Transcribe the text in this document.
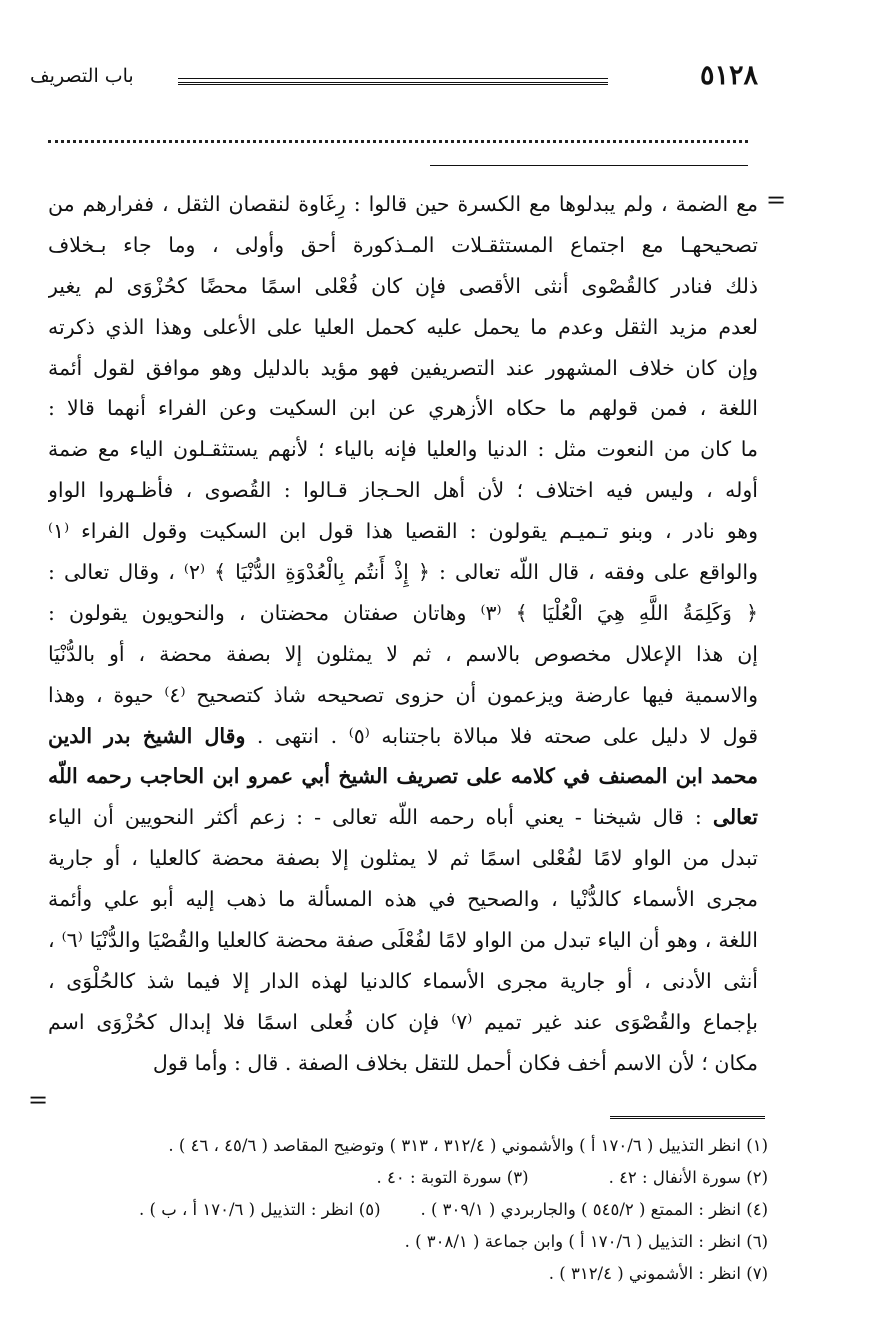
٥١٢٨
باب التصريف
=
مع الضمة ، ولم يبدلوها مع الكسرة حين قالوا : رِغَاوة لنقصان الثقل ، ففرارهم من
تصحيحهـا مع اجتماع المستثقـلات المـذكورة أحق وأولى ، وما جاء بـخلاف
ذلك فنادر كالقُصْوى أنثى الأقصى فإن كان فُعْلى اسمًا محضًا كحُزْوَى لم يغير
لعدم مزيد الثقل وعدم ما يحمل عليه كحمل العليا على الأعلى وهذا الذي ذكرته
وإن كان خلاف المشهور عند التصريفين فهو مؤيد بالدليل وهو موافق لقول أئمة
اللغة ، فمن قولهم ما حكاه الأزهري عن ابن السكيت وعن الفراء أنهما قالا :
ما كان من النعوت مثل : الدنيا والعليا فإنه بالياء ؛ لأنهم يستثقـلون الياء مع ضمة
أوله ، وليس فيه اختلاف ؛ لأن أهل الحـجاز قـالوا : القُصوى ، فأظـهروا الواو
وهو نادر ، وبنو تـميـم يقولون : القصيا هذا قول ابن السكيت وقول الفراء ⁽١⁾
والواقع على وفقه ، قال اللّه تعالى : ﴿ إِذْ أَنتُم بِالْعُدْوَةِ الدُّنْيَا ﴾ ⁽٢⁾ ، وقال تعالى :
﴿ وَكَلِمَةُ اللَّهِ هِيَ الْعُلْيَا ﴾ ⁽٣⁾ وهاتان صفتان محضتان ، والنحويون يقولون :
إن هذا الإعلال مخصوص بالاسم ، ثم لا يمثلون إلا بصفة محضة ، أو بالدُّنْيَا
والاسمية فيها عارضة ويزعمون أن حزوى تصحيحه شاذ كتصحيح ⁽٤⁾ حيوة ، وهذا
قول لا دليل على صحته فلا مبالاة باجتنابه ⁽٥⁾ . انتهى . وقال الشيخ بدر الدين
محمد ابن المصنف في كلامه على تصريف الشيخ أبي عمرو ابن الحاجب رحمه اللّه
تعالى : قال شيخنا - يعني أباه رحمه اللّه تعالى - : زعم أكثر النحويين أن الياء
تبدل من الواو لامًا لفُعْلى اسمًا ثم لا يمثلون إلا بصفة محضة كالعليا ، أو جارية
مجرى الأسماء كالدُّنْيا ، والصحيح في هذه المسألة ما ذهب إليه أبو علي وأئمة
اللغة ، وهو أن الياء تبدل من الواو لامًا لفُعْلَى صفة محضة كالعليا والقُصْيَا والدُّنْيَا ⁽٦⁾ ،
أنثى الأدنى ، أو جارية مجرى الأسماء كالدنيا لهذه الدار إلا فيما شذ كالحُلْوَى ،
بإجماع والقُصْوَى عند غير تميم ⁽٧⁾ فإن كان فُعلى اسمًا فلا إبدال كحُزْوَى اسم
مكان ؛ لأن الاسم أخف فكان أحمل للتقل بخلاف الصفة . قال : وأما قول
=
(١) انظر التذييل ( ١٧٠/٦ أ ) والأشموني ( ٣١٢/٤ ، ٣١٣ ) وتوضيح المقاصد ( ٤٥/٦ ، ٤٦ ) .
(٢) سورة الأنفال : ٤٢ .(٣) سورة التوبة : ٤٠ .
(٤) انظر : الممتع ( ٥٤٥/٢ ) والجاربردي ( ٣٠٩/١ ) .(٥) انظر : التذييل ( ١٧٠/٦ أ ، ب ) .
(٦) انظر : التذييل ( ١٧٠/٦ أ ) وابن جماعة ( ٣٠٨/١ ) .
(٧) انظر : الأشموني ( ٣١٢/٤ ) .
